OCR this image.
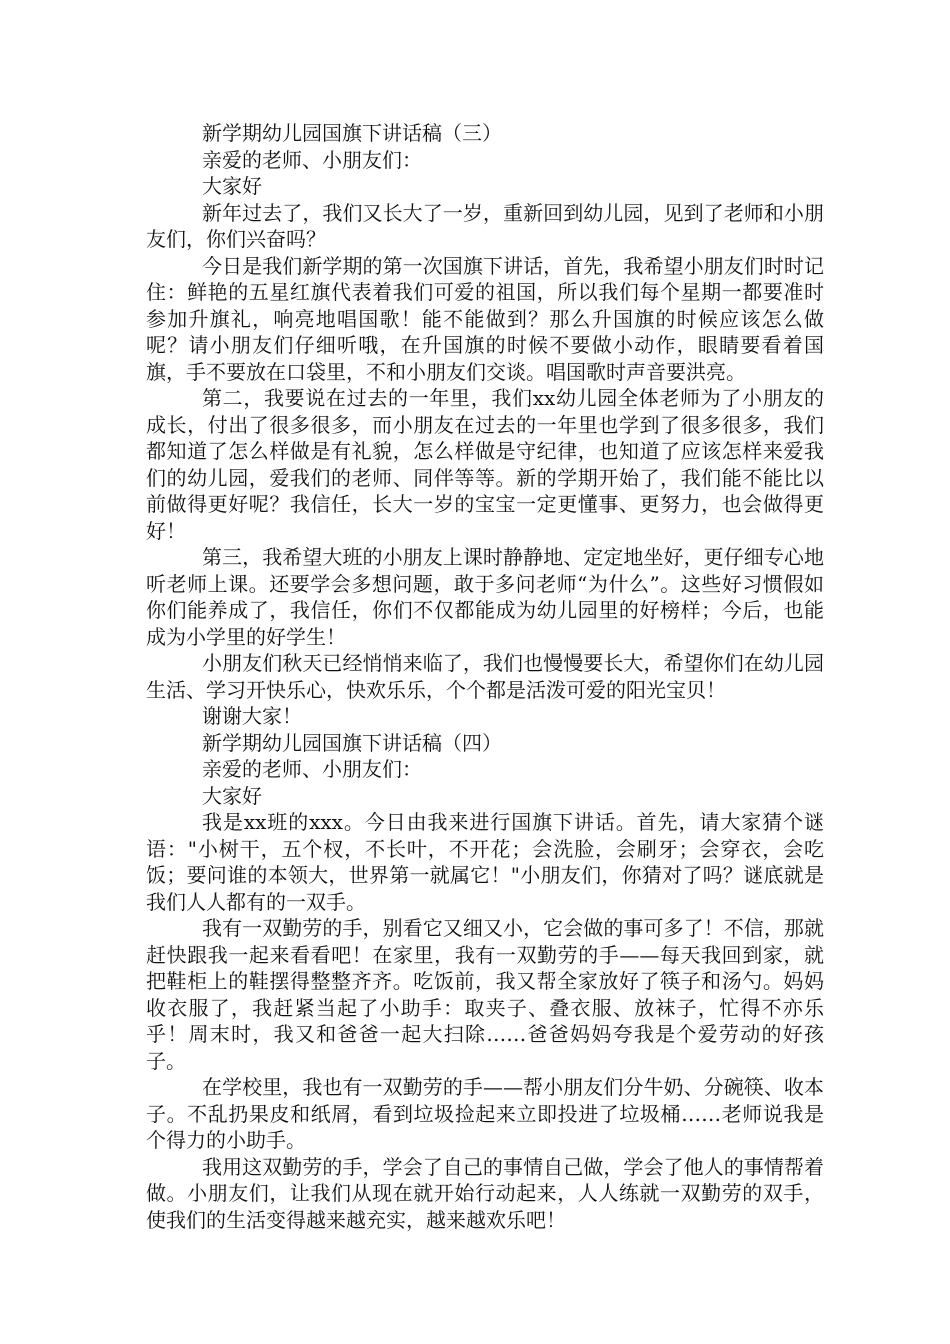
新学期幼儿园国旗下讲话稿（三）

亲爱的老师、小朋友们：

大家好

新年过去了，我们又长大了一岁，重新回到幼儿园，见到了老师和小朋友们，你们兴奋吗？

今日是我们新学期的第一次国旗下讲话，首先，我希望小朋友们时时记住：鲜艳的五星红旗代表着我们可爱的祖国，所以我们每个星期一都要准时参加升旗礼，响亮地唱国歌！能不能做到？那么升国旗的时候应该怎么做呢？请小朋友们仔细听哦，在升国旗的时候不要做小动作，眼睛要看着国旗，手不要放在口袋里，不和小朋友们交谈。唱国歌时声音要洪亮。

第二，我要说在过去的一年里，我们xx幼儿园全体老师为了小朋友的成长，付出了很多很多，而小朋友在过去的一年里也学到了很多很多，我们都知道了怎么样做是有礼貌，怎么样做是守纪律，也知道了应该怎样来爱我们的幼儿园，爱我们的老师、同伴等等。新的学期开始了，我们能不能比以前做得更好呢？我信任，长大一岁的宝宝一定更懂事、更努力，也会做得更好！

第三，我希望大班的小朋友上课时静静地、定定地坐好，更仔细专心地听老师上课。还要学会多想问题，敢于多问老师“为什么”。这些好习惯假如你们能养成了，我信任，你们不仅都能成为幼儿园里的好榜样；今后，也能成为小学里的好学生！

小朋友们秋天已经悄悄来临了，我们也慢慢要长大，希望你们在幼儿园生活、学习开快乐心，快欢乐乐，个个都是活泼可爱的阳光宝贝！

谢谢大家！

新学期幼儿园国旗下讲话稿（四）

亲爱的老师、小朋友们：

大家好

我是xx班的xxx。今日由我来进行国旗下讲话。首先，请大家猜个谜语："小树干，五个杈，不长叶，不开花；会洗脸，会刷牙；会穿衣，会吃饭；要问谁的本领大，世界第一就属它！"小朋友们，你猜对了吗？谜底就是我们人人都有的一双手。

我有一双勤劳的手，别看它又细又小，它会做的事可多了！不信，那就赶快跟我一起来看看吧！在家里，我有一双勤劳的手——每天我回到家，就把鞋柜上的鞋摆得整整齐齐。吃饭前，我又帮全家放好了筷子和汤勺。妈妈收衣服了，我赶紧当起了小助手：取夹子、叠衣服、放袜子，忙得不亦乐乎！周末时，我又和爸爸一起大扫除……爸爸妈妈夸我是个爱劳动的好孩子。

在学校里，我也有一双勤劳的手——帮小朋友们分牛奶、分碗筷、收本子。不乱扔果皮和纸屑，看到垃圾捡起来立即投进了垃圾桶……老师说我是个得力的小助手。

我用这双勤劳的手，学会了自己的事情自己做，学会了他人的事情帮着做。小朋友们，让我们从现在就开始行动起来，人人练就一双勤劳的双手，使我们的生活变得越来越充实，越来越欢乐吧！
